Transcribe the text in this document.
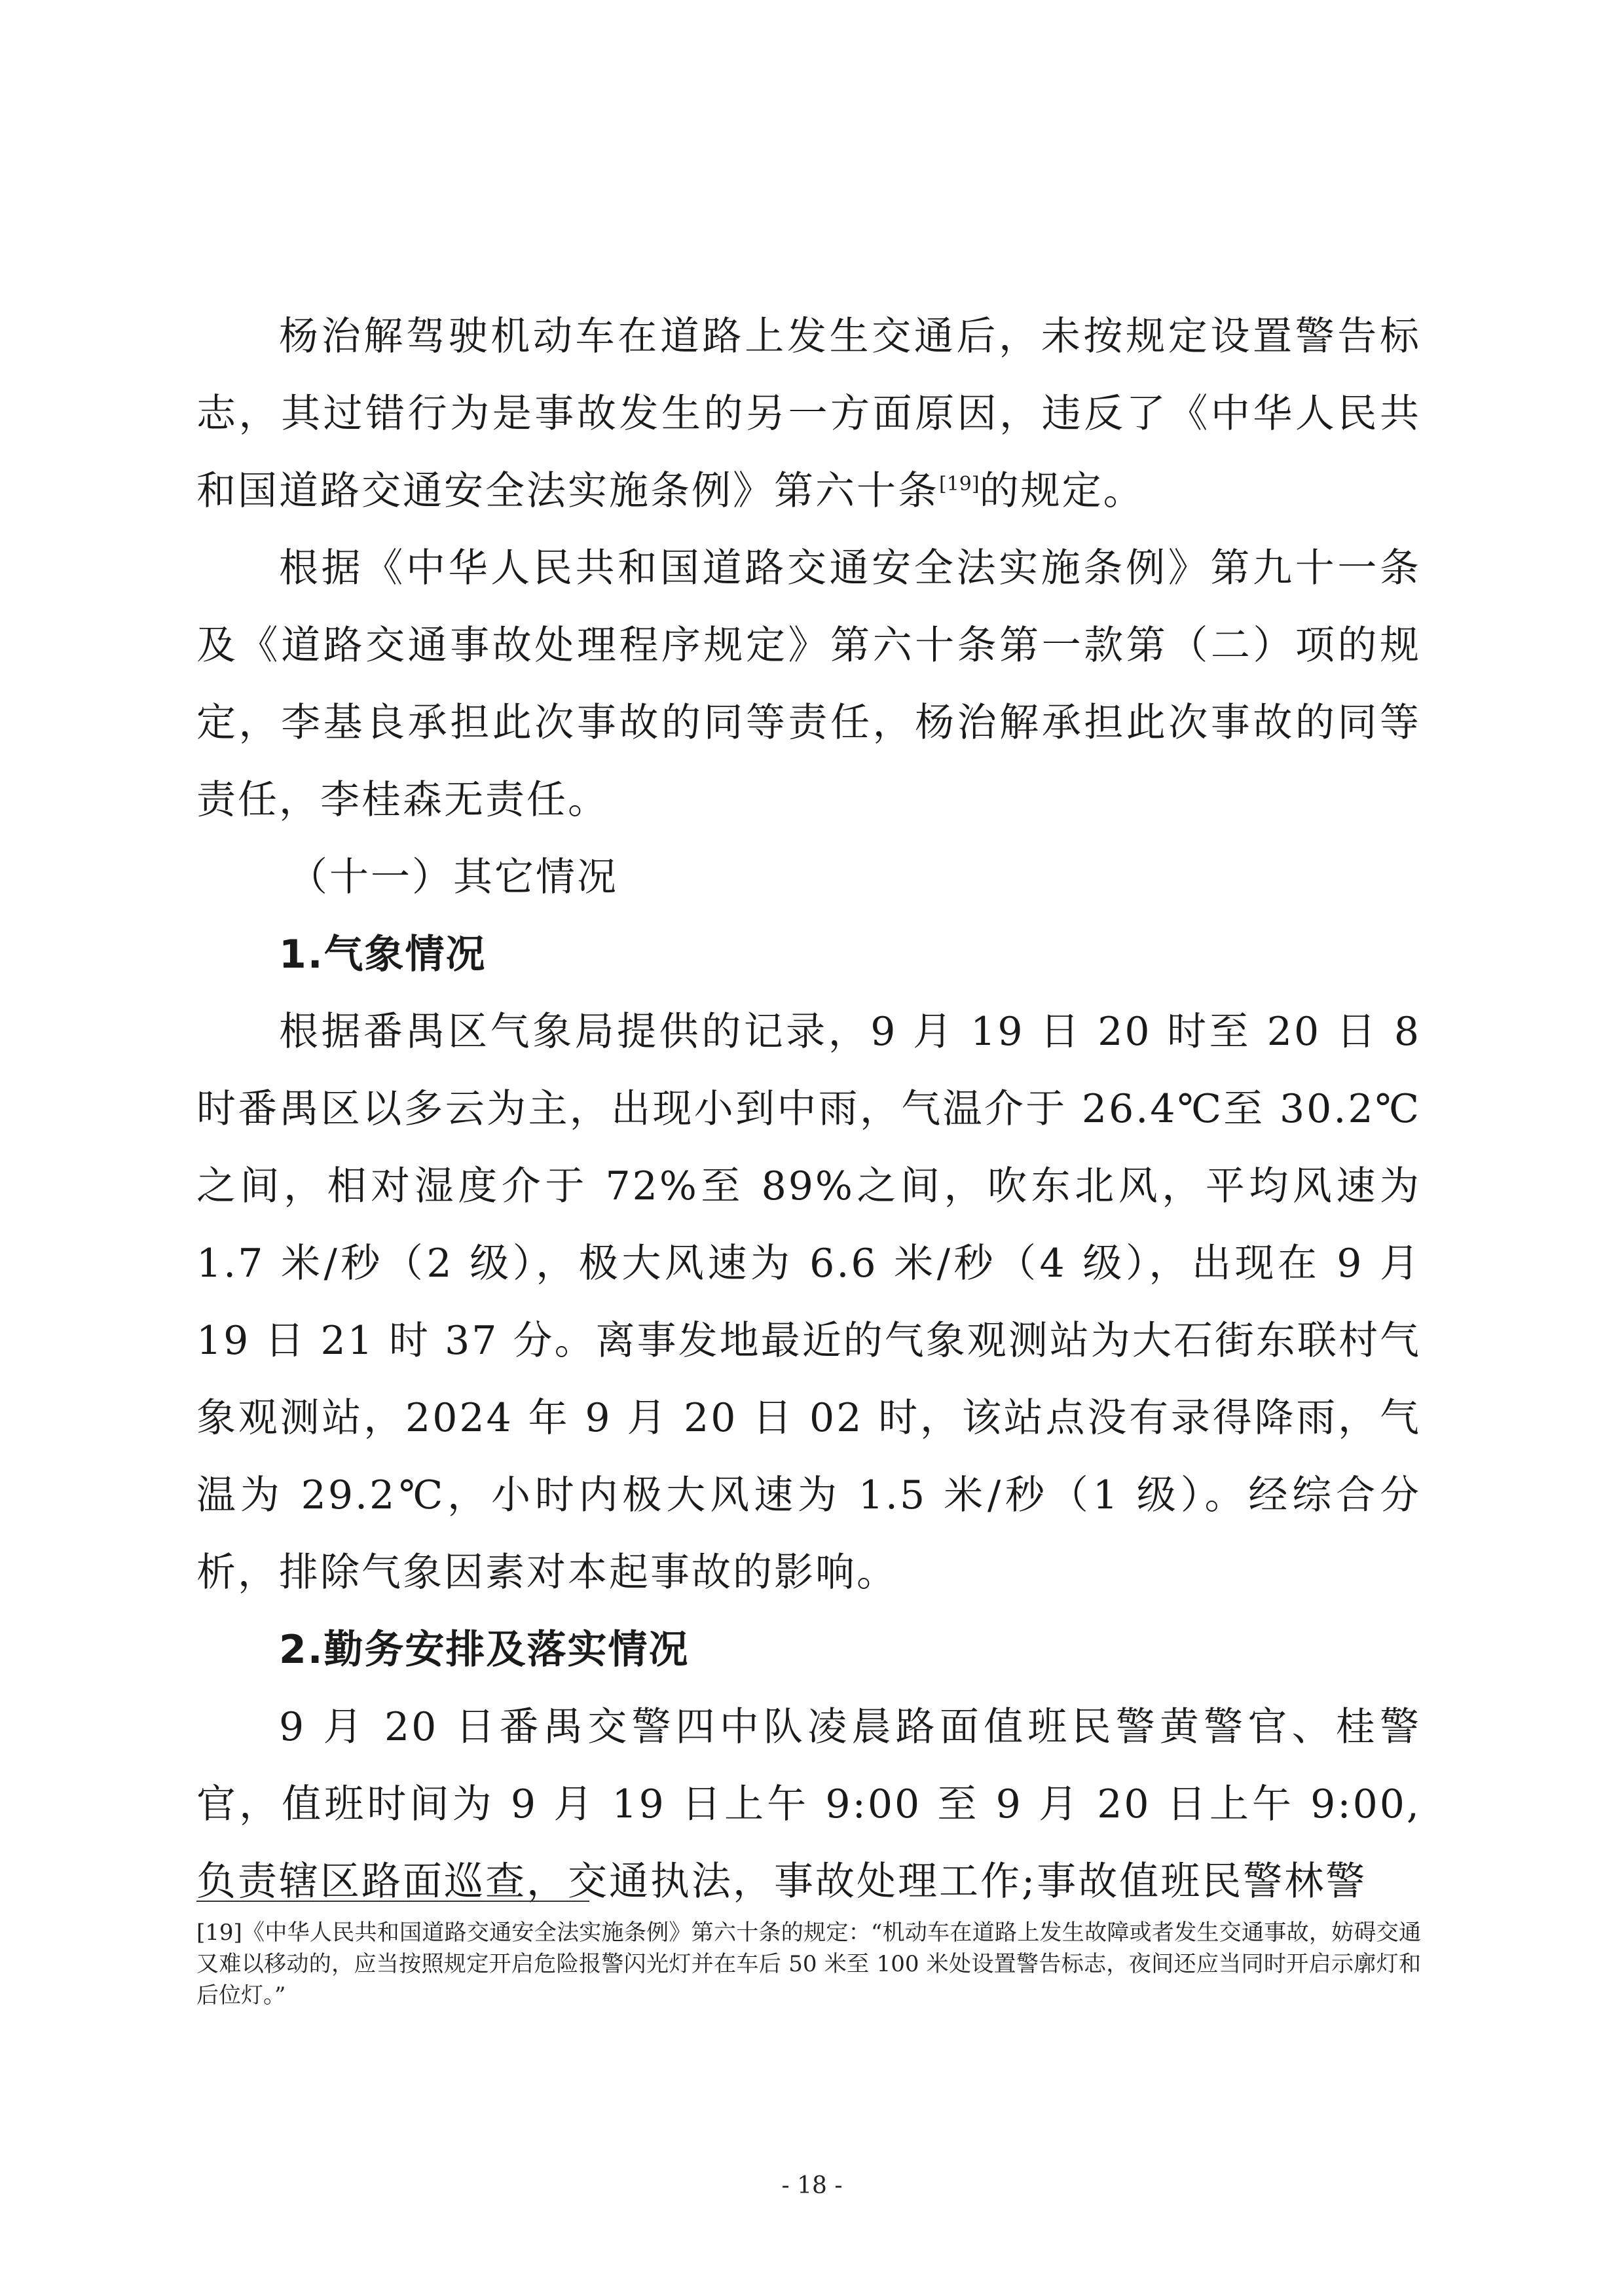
杨治解驾驶机动车在道路上发生交通后，未按规定设置警告标志，其过错行为是事故发生的另一方面原因，违反了《中华人民共和国道路交通安全法实施条例》第六十条[19]的规定。

根据《中华人民共和国道路交通安全法实施条例》第九十一条及《道路交通事故处理程序规定》第六十条第一款第（二）项的规定，李基良承担此次事故的同等责任，杨治解承担此次事故的同等责任，李桂森无责任。

（十一）其它情况

1.气象情况

根据番禺区气象局提供的记录，9 月 19 日 20 时至 20 日 8 时番禺区以多云为主，出现小到中雨，气温介于 26.4℃至 30.2℃之间，相对湿度介于 72%至 89%之间，吹东北风，平均风速为 1.7 米/秒（2 级），极大风速为 6.6 米/秒（4 级），出现在 9 月 19 日 21 时 37 分。离事发地最近的气象观测站为大石街东联村气象观测站，2024 年 9 月 20 日 02 时，该站点没有录得降雨，气温为 29.2℃，小时内极大风速为 1.5 米/秒（1 级）。经综合分析，排除气象因素对本起事故的影响。

2.勤务安排及落实情况

9 月 20 日番禺交警四中队凌晨路面值班民警黄警官、桂警官，值班时间为 9 月 19 日上午 9:00 至 9 月 20 日上午 9:00,负责辖区路面巡查，交通执法，事故处理工作;事故值班民警林警

[19]《中华人民共和国道路交通安全法实施条例》第六十条的规定：“机动车在道路上发生故障或者发生交通事故，妨碍交通又难以移动的，应当按照规定开启危险报警闪光灯并在车后 50 米至 100 米处设置警告标志，夜间还应当同时开启示廓灯和后位灯。”

- 18 -
